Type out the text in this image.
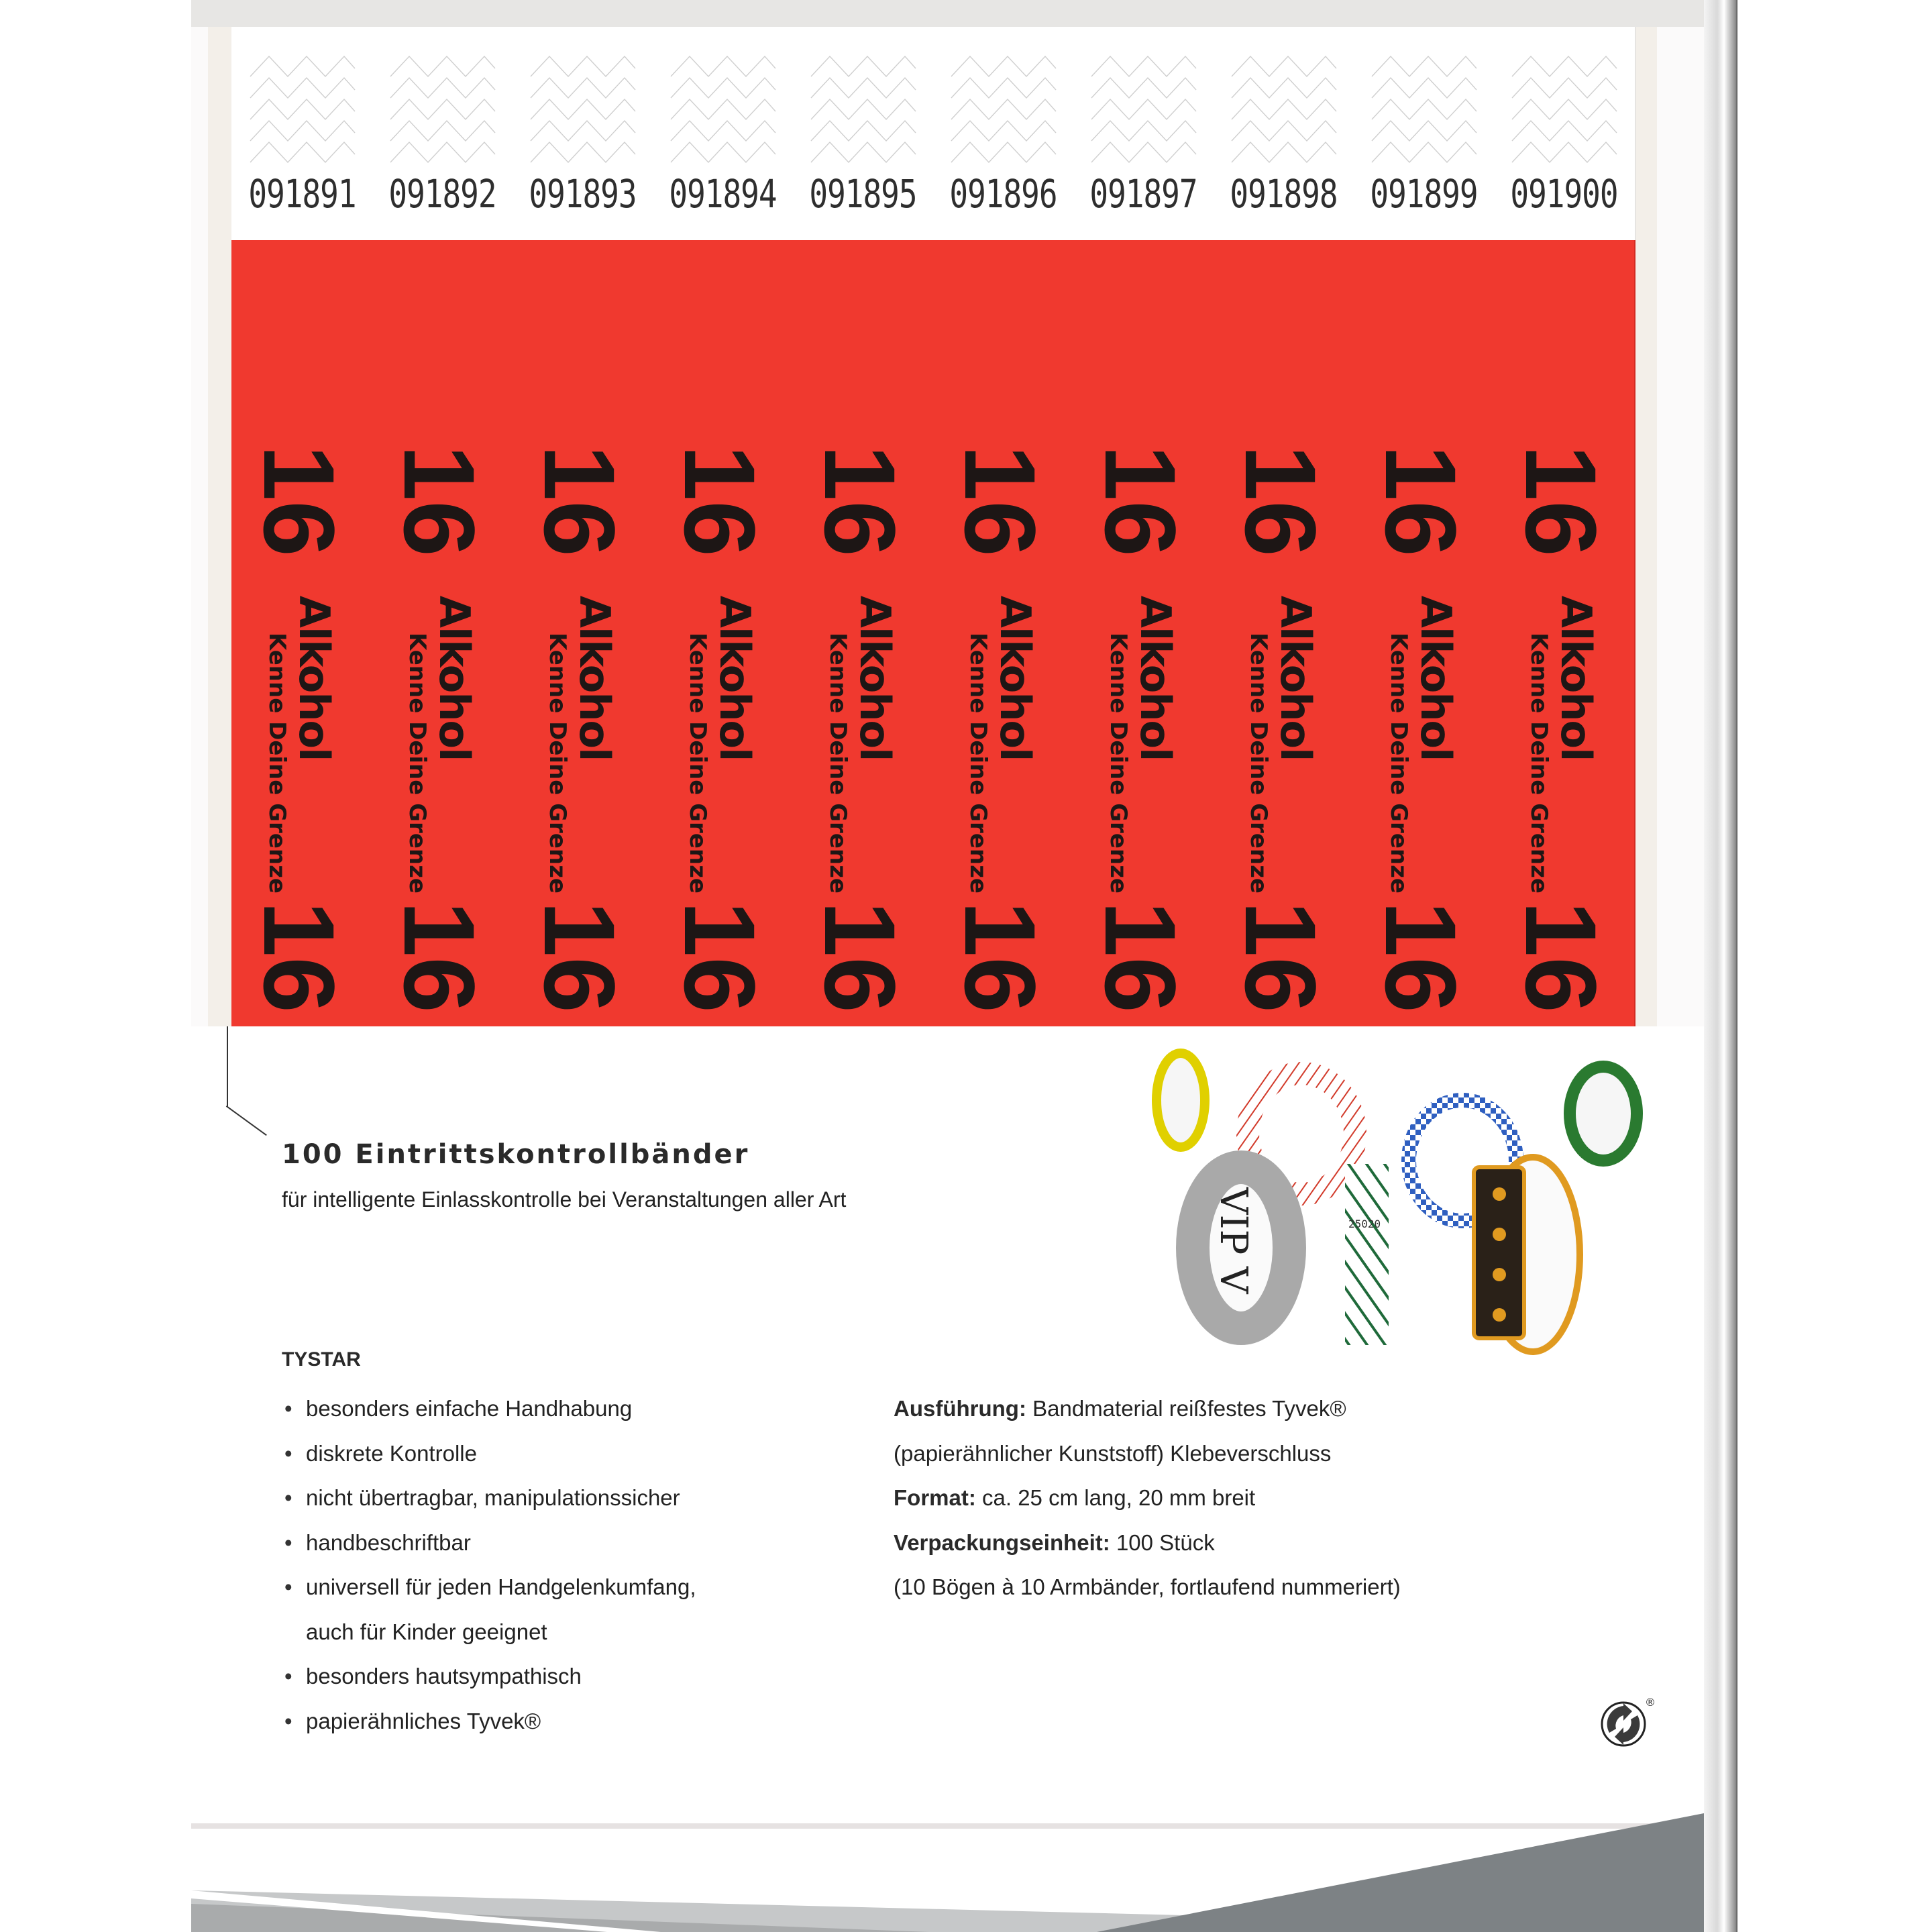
091891
16
Alkohol
Kenne Deine Grenze
16
091892
16
Alkohol
Kenne Deine Grenze
16
091893
16
Alkohol
Kenne Deine Grenze
16
091894
16
Alkohol
Kenne Deine Grenze
16
091895
16
Alkohol
Kenne Deine Grenze
16
091896
16
Alkohol
Kenne Deine Grenze
16
091897
16
Alkohol
Kenne Deine Grenze
16
091898
16
Alkohol
Kenne Deine Grenze
16
091899
16
Alkohol
Kenne Deine Grenze
16
091900
16
Alkohol
Kenne Deine Grenze
16
100 Eintrittskontrollbänder
für intelligente Einlasskontrolle bei Veranstaltungen aller Art	VIP V	25020
TYSTAR
• besonders einfache Handhabung
• diskrete Kontrolle
• nicht übertragbar, manipulationssicher
• handbeschriftbar
• universell für jeden Handgelenkumfang,
auch für Kinder geeignet
• besonders hautsympathisch
• papierähnliches Tyvek®
Ausführung: Bandmaterial reißfestes Tyvek®
(papierähnlicher Kunststoff) Klebeverschluss
Format: ca. 25 cm lang, 20 mm breit
Verpackungseinheit: 100 Stück
(10 Bögen à 10 Armbänder, fortlaufend nummeriert)
®
